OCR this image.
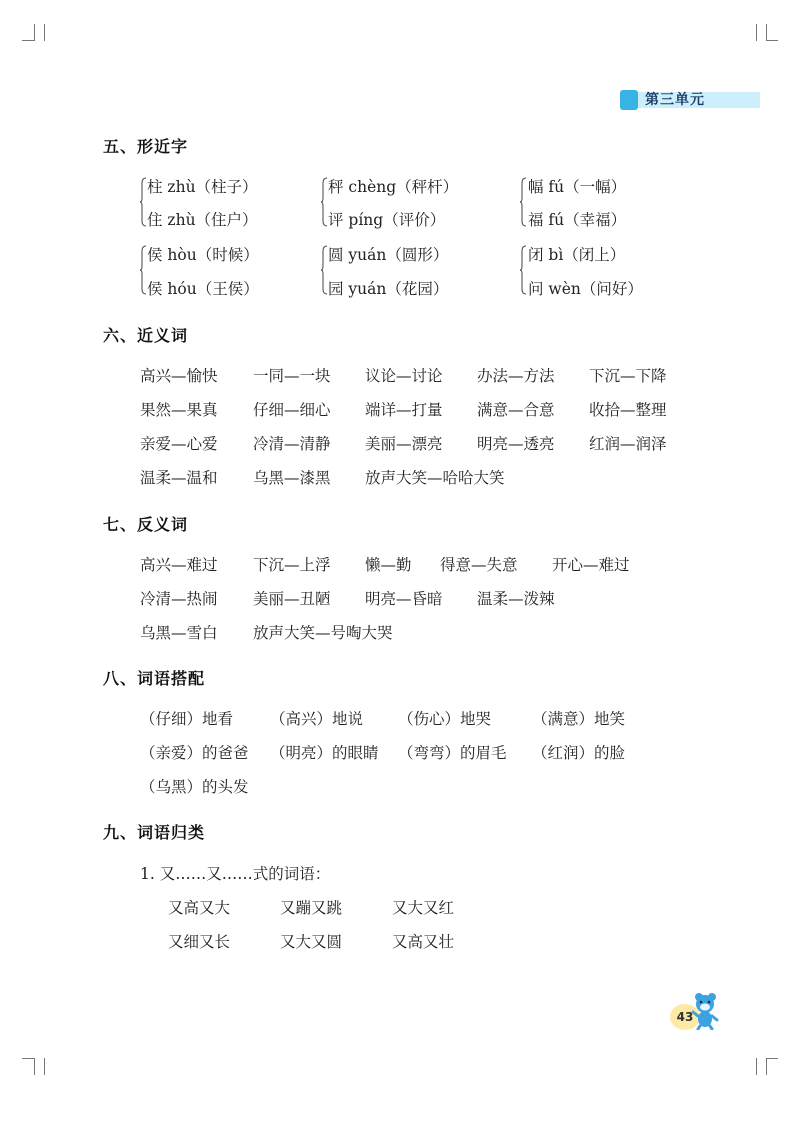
第三单元
五、形近字
柱 zhù（柱子）
住 zhù（住户）
秤 chèng（秤杆）
评 píng（评价）
幅 fú（一幅）
福 fú（幸福）
侯 hòu（时候）
侯 hóu（王侯）
圆 yuán（圆形）
园 yuán（花园）
闭 bì（闭上）
问 wèn（问好）
六、近义词
高兴—愉快 一同—一块 议论—讨论 办法—方法 下沉—下降
果然—果真 仔细—细心 端详—打量 满意—合意 收拾—整理
亲爱—心爱 冷清—清静 美丽—漂亮 明亮—透亮 红润—润泽
温柔—温和 乌黑—漆黑 放声大笑—哈哈大笑
七、反义词
高兴—难过 下沉—上浮 懒—勤 得意—失意 开心—难过
冷清—热闹 美丽—丑陋 明亮—昏暗 温柔—泼辣
乌黑—雪白 放声大笑—号啕大哭
八、词语搭配
（仔细）地看 （高兴）地说 （伤心）地哭	（满意）地笑
（亲爱）的爸爸 （明亮）的眼睛 （弯弯）的眉毛 （红润）的脸
（乌黑）的头发
九、词语归类
1. 又……又……式的词语：
又高又大	又蹦又跳	又大又红
又细又长	又大又圆	又高又壮
43
